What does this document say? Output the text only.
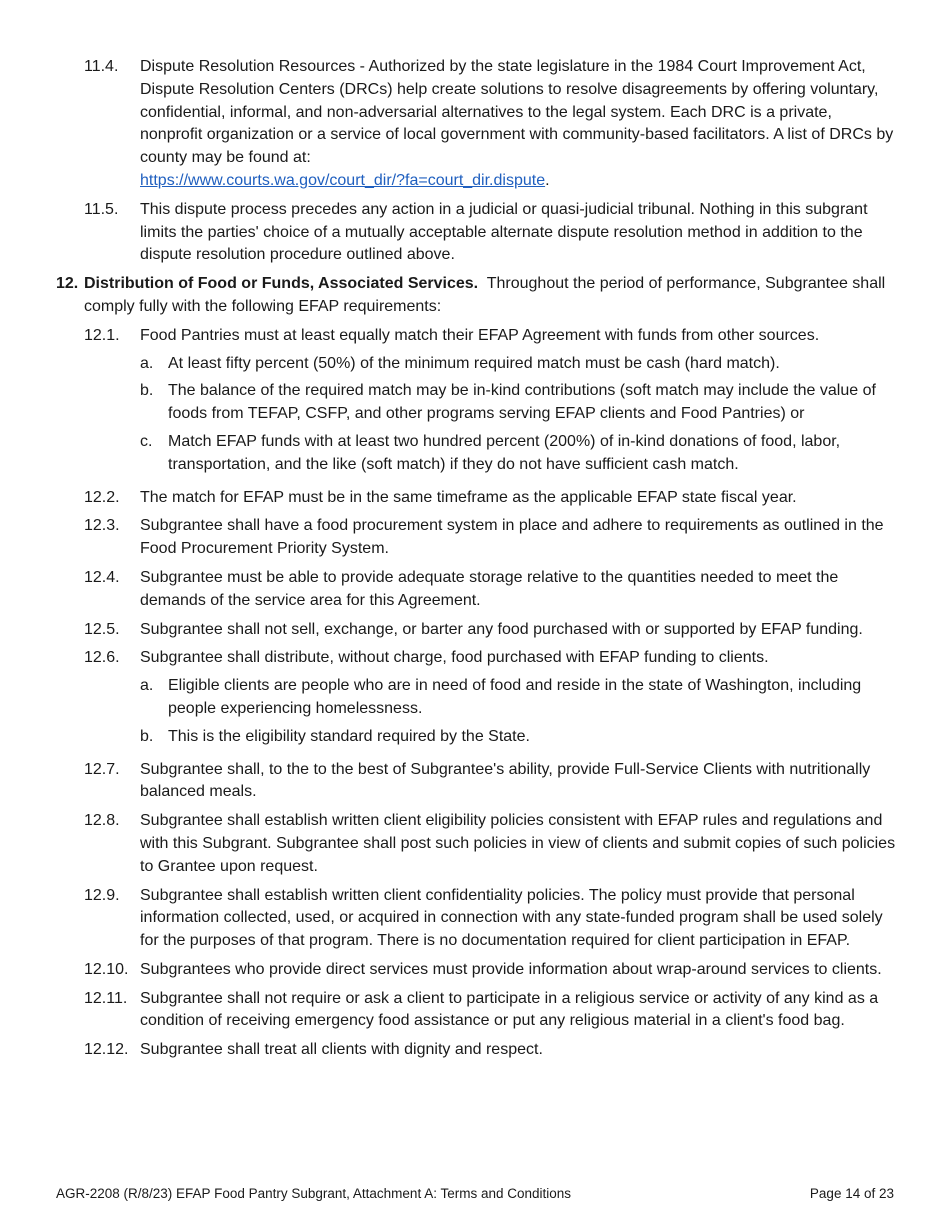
11.4.	Dispute Resolution Resources - Authorized by the state legislature in the 1984 Court Improvement Act, Dispute Resolution Centers (DRCs) help create solutions to resolve disagreements by offering voluntary, confidential, informal, and non-adversarial alternatives to the legal system. Each DRC is a private, nonprofit organization or a service of local government with community-based facilitators. A list of DRCs by county may be found at:
https://www.courts.wa.gov/court_dir/?fa=court_dir.dispute.
11.5.	This dispute process precedes any action in a judicial or quasi-judicial tribunal. Nothing in this subgrant limits the parties' choice of a mutually acceptable alternate dispute resolution method in addition to the dispute resolution procedure outlined above.
12. Distribution of Food or Funds, Associated Services. Throughout the period of performance, Subgrantee shall comply fully with the following EFAP requirements:
12.1.	Food Pantries must at least equally match their EFAP Agreement with funds from other sources.
a. At least fifty percent (50%) of the minimum required match must be cash (hard match).
b. The balance of the required match may be in-kind contributions (soft match may include the value of foods from TEFAP, CSFP, and other programs serving EFAP clients and Food Pantries) or
c. Match EFAP funds with at least two hundred percent (200%) of in-kind donations of food, labor, transportation, and the like (soft match) if they do not have sufficient cash match.
12.2.	The match for EFAP must be in the same timeframe as the applicable EFAP state fiscal year.
12.3.	Subgrantee shall have a food procurement system in place and adhere to requirements as outlined in the Food Procurement Priority System.
12.4.	Subgrantee must be able to provide adequate storage relative to the quantities needed to meet the demands of the service area for this Agreement.
12.5.	Subgrantee shall not sell, exchange, or barter any food purchased with or supported by EFAP funding.
12.6.	Subgrantee shall distribute, without charge, food purchased with EFAP funding to clients.
a. Eligible clients are people who are in need of food and reside in the state of Washington, including people experiencing homelessness.
b. This is the eligibility standard required by the State.
12.7.	Subgrantee shall, to the to the best of Subgrantee's ability, provide Full-Service Clients with nutritionally balanced meals.
12.8.	Subgrantee shall establish written client eligibility policies consistent with EFAP rules and regulations and with this Subgrant. Subgrantee shall post such policies in view of clients and submit copies of such policies to Grantee upon request.
12.9.	Subgrantee shall establish written client confidentiality policies. The policy must provide that personal information collected, used, or acquired in connection with any state-funded program shall be used solely for the purposes of that program. There is no documentation required for client participation in EFAP.
12.10. Subgrantees who provide direct services must provide information about wrap-around services to clients.
12.11. Subgrantee shall not require or ask a client to participate in a religious service or activity of any kind as a condition of receiving emergency food assistance or put any religious material in a client's food bag.
12.12. Subgrantee shall treat all clients with dignity and respect.
AGR-2208 (R/8/23) EFAP Food Pantry Subgrant, Attachment A: Terms and Conditions	Page 14 of 23
